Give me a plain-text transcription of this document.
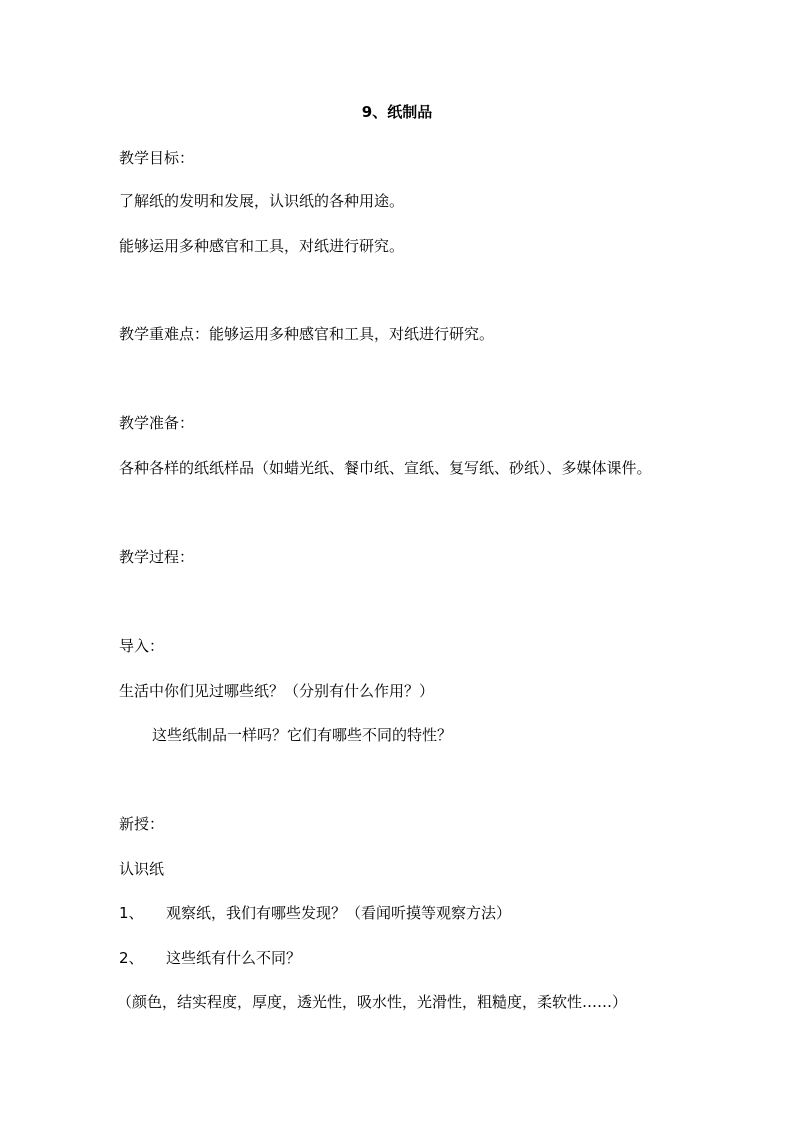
9、纸制品
教学目标：
了解纸的发明和发展，认识纸的各种用途。
能够运用多种感官和工具，对纸进行研究。
教学重难点：能够运用多种感官和工具，对纸进行研究。
教学准备：
各种各样的纸纸样品（如蜡光纸、餐巾纸、宣纸、复写纸、砂纸）、多媒体课件。
教学过程：
导入：
生活中你们见过哪些纸？（分别有什么作用？）
这些纸制品一样吗？它们有哪些不同的特性？
新授：
认识纸
1、 观察纸，我们有哪些发现？（看闻听摸等观察方法）
2、 这些纸有什么不同？
（颜色，结实程度，厚度，透光性，吸水性，光滑性，粗糙度，柔软性……）
